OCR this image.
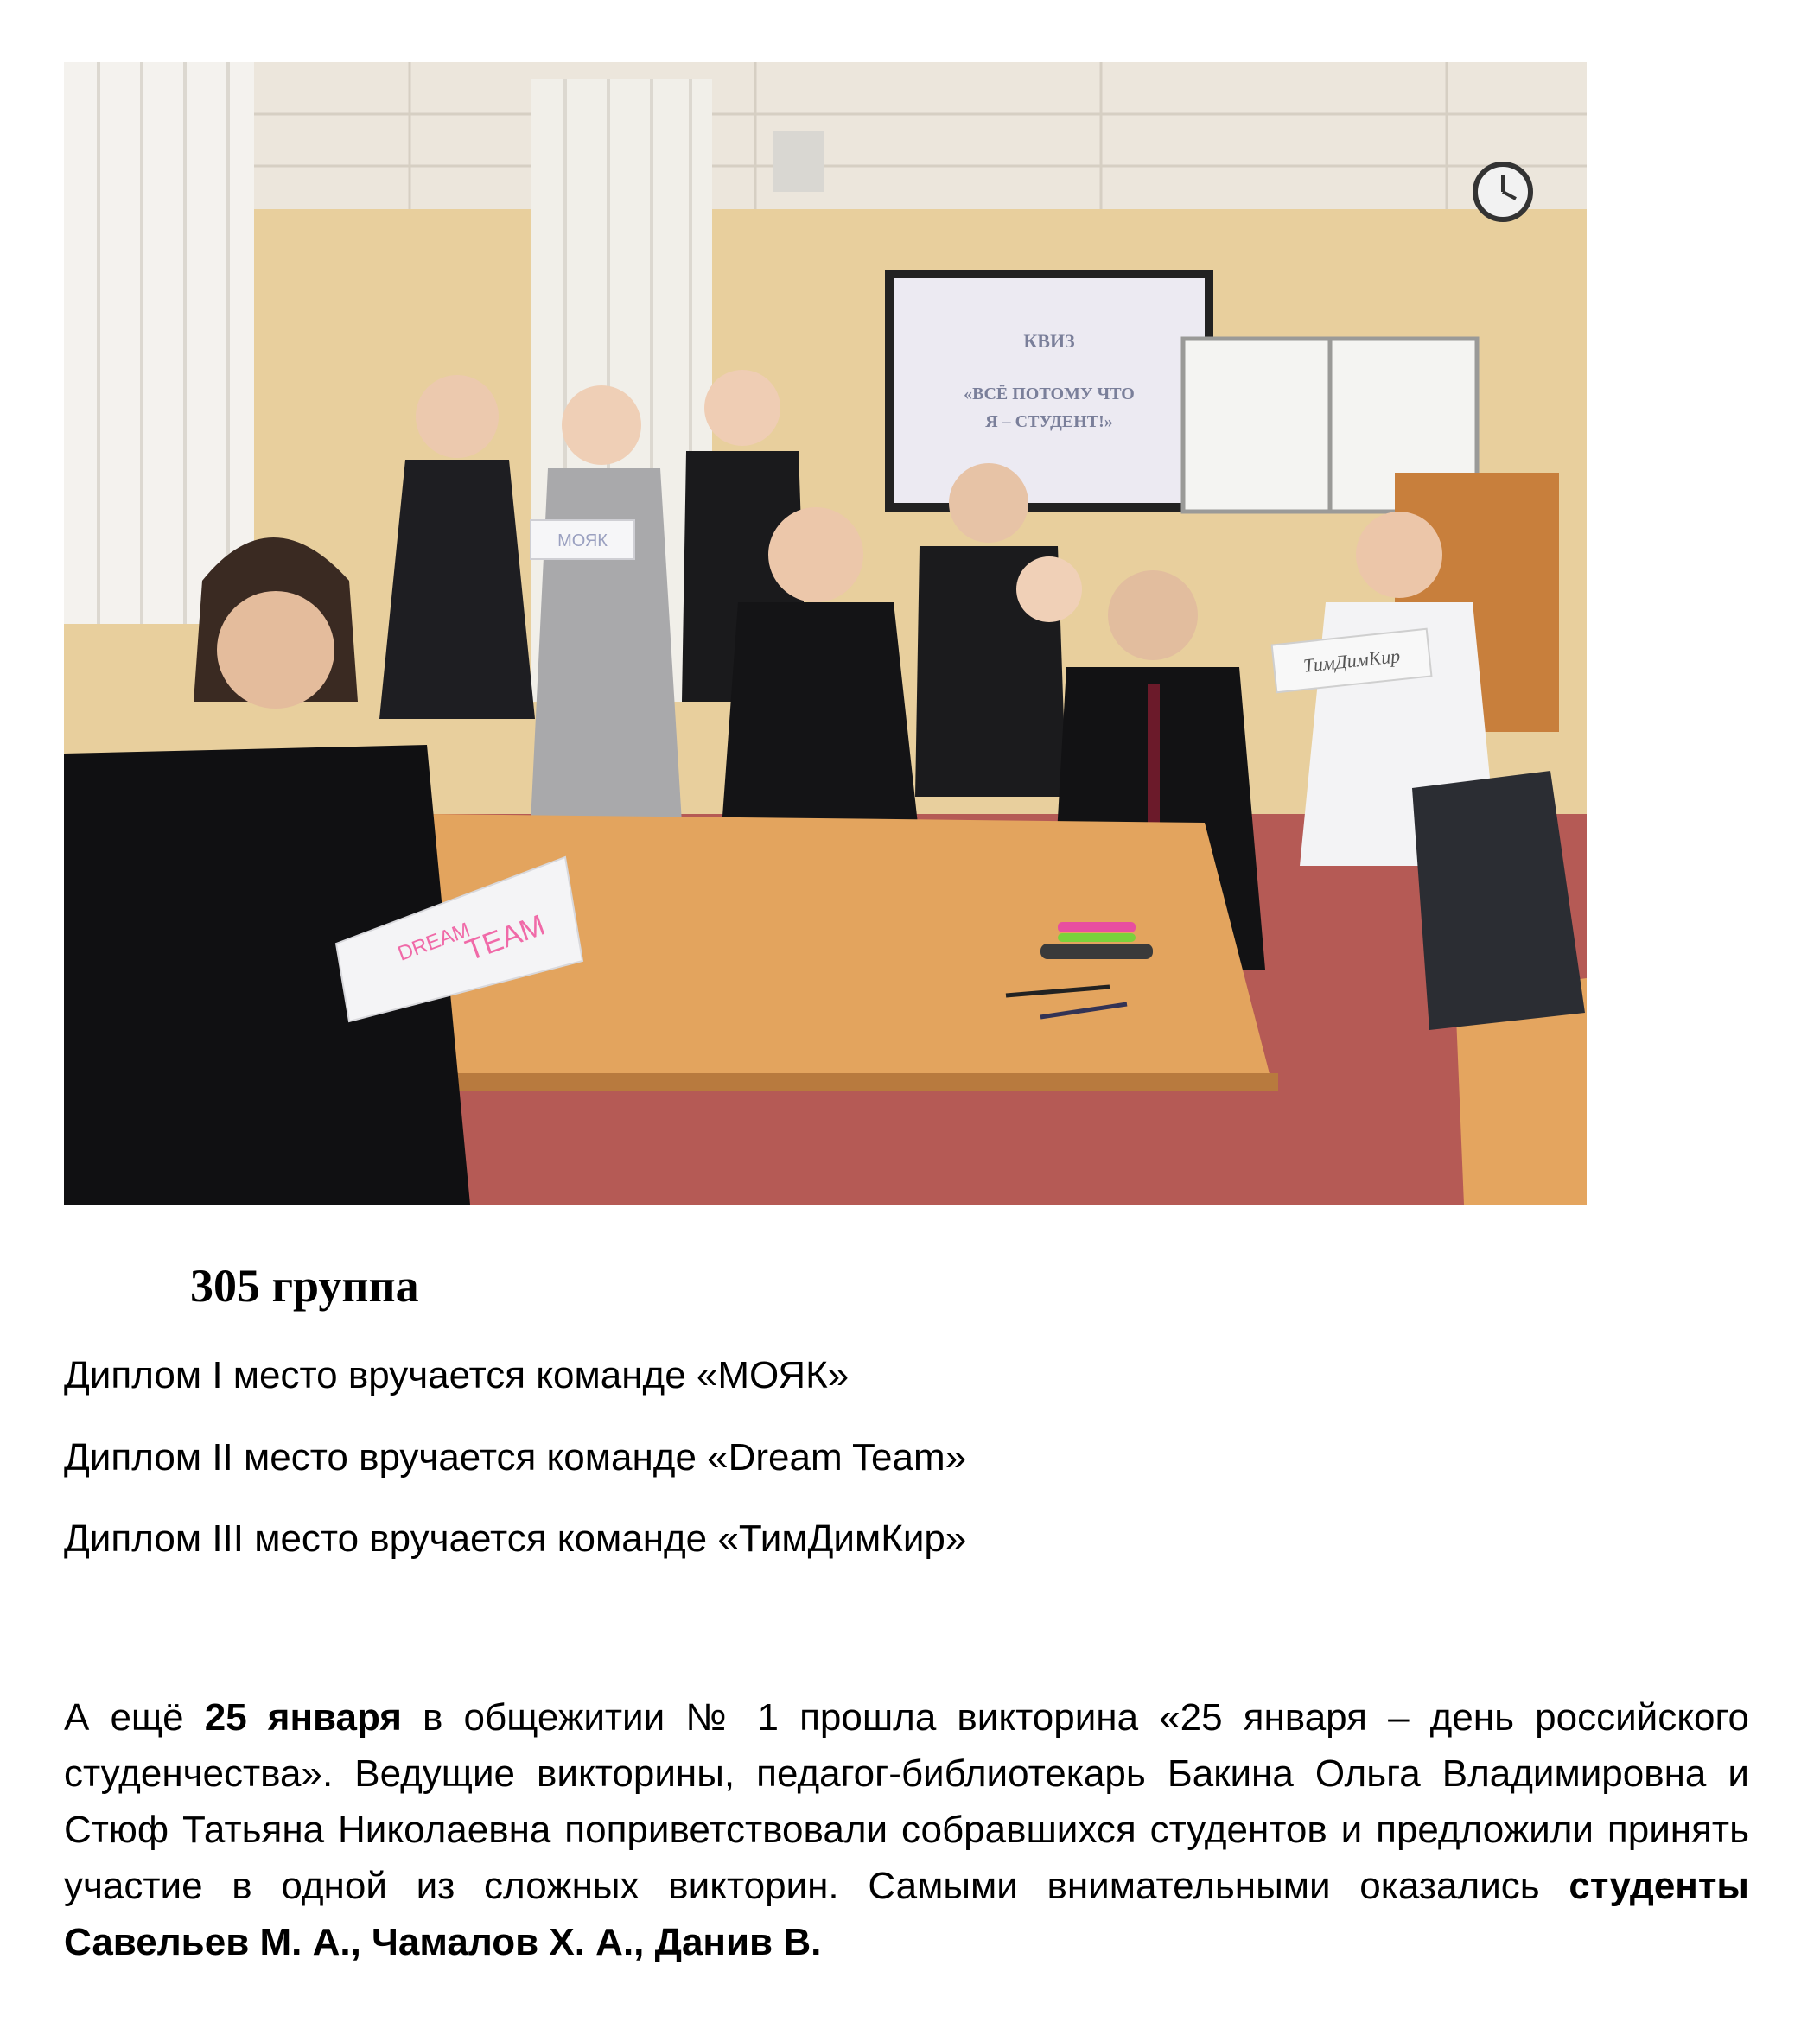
КВИЗ
«ВСЁ ПОТОМУ ЧТО
Я – СТУДЕНТ!»
МОЯК
ТимДимКир
DREAM
TEAM
305 группа

Диплом I место вручается команде «МОЯК»

Диплом II место вручается команде «Dream Team»

Диплом III место вручается команде «ТимДимКир»

А ещё 25 января в общежитии № 1 прошла викторина «25 января – день российского студенчества». Ведущие викторины, педагог-библиотекарь Бакина Ольга Владимировна и Стюф Татьяна Николаевна поприветствовали собравшихся студентов и предложили принять участие в одной из сложных викторин. Самыми внимательными оказались студенты Савельев М. А., Чамалов Х. А., Данив В.
